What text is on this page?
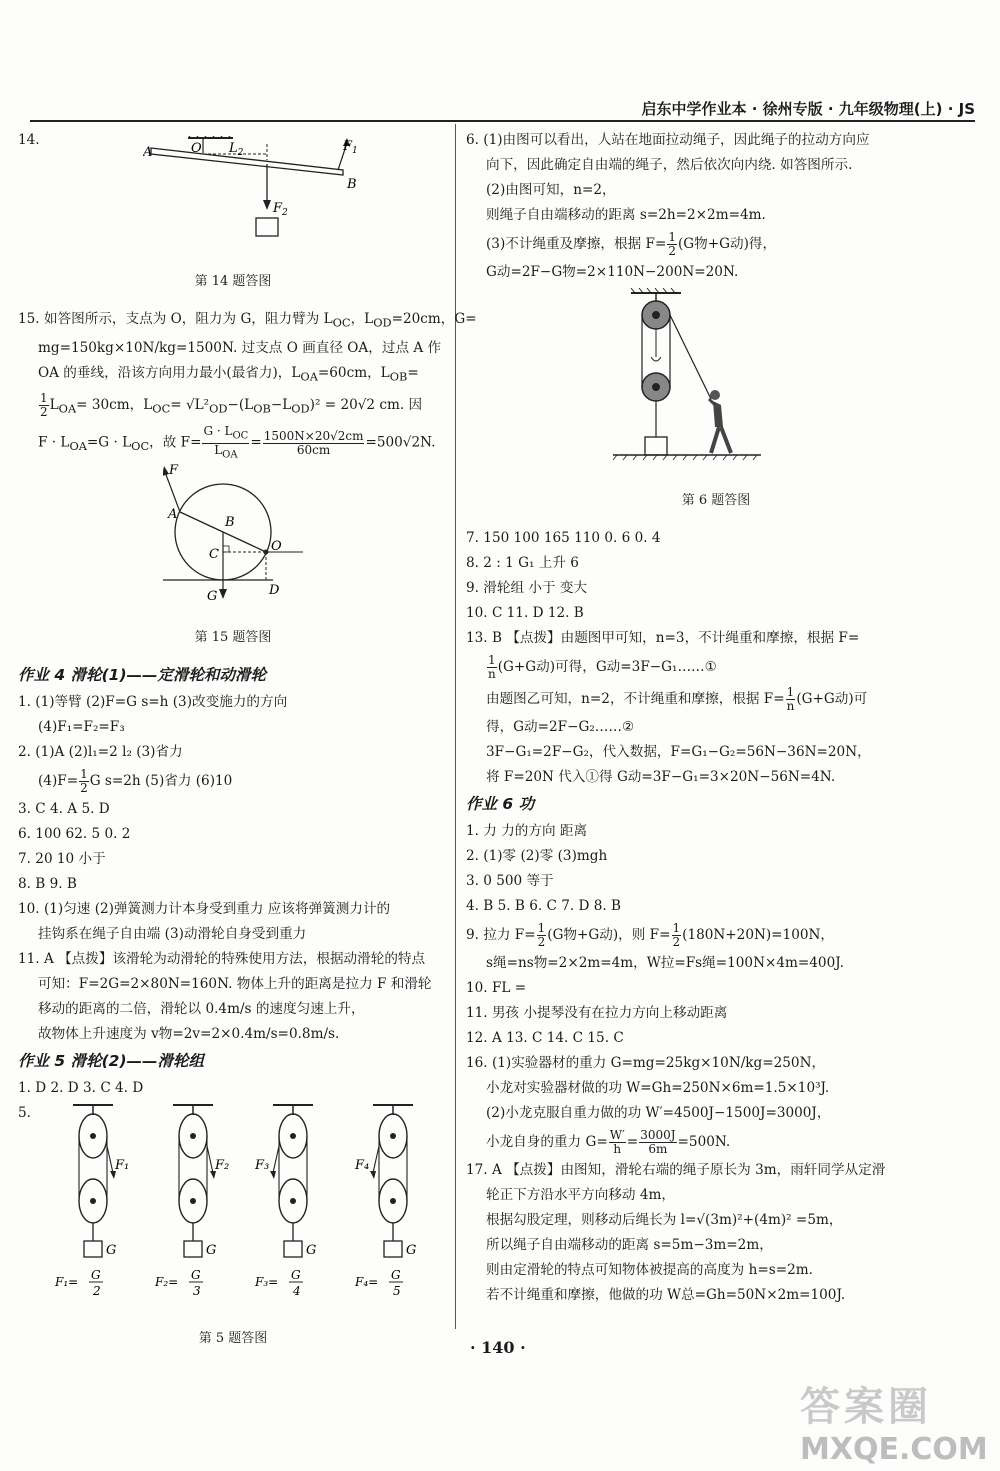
启东中学作业本 · 徐州专版 · 九年级物理(上) · JS
14.
A	O $L_2$	$F_1$
B
$F_2$

第 14 题答图

15. 如答图所示，支点为 O，阻力为 G，阻力臂为 $L_{OC}$，$L_{OD}=20cm$，G=

mg=150kg×10N/kg=1500N. 过支点 O 画直径 OA，过点 A 作

OA 的垂线，沿该方向用力最小(最省力)，$L_{OA}=60cm$，$L_{OB}=$

$\frac{1}{2} L_{OA}= 30cm$，$L_{OC}= √L^2_{OD}-(L_{OB}-L_{OD})^2 = 20√2$ cm. 因

$F \cdot L_{OA}=G \cdot L_{OC}$，故 $F= \frac{G \cdot L_{OC}}{L_{OA}} = \frac{1500N\times 20√2cm}{60cm} =500√2N$.

F
A
B
C
O
G	D

第 15 题答图

作业 4 滑轮(1)——定滑轮和动滑轮

1. (1)等臂 (2)F=G s=h (3)改变施力的方向

(4)F₁=F₂=F₃

2. (1)A (2)l₁=2 l₂ (3)省力

$(4)F= \frac{1}{2}$ G s=2h (5)省力 (6)10

3. C 4. A 5. D

6. 100 62. 5 0. 2

7. 20 10 小于

8. B 9. B

10. (1)匀速 (2)弹簧测力计本身受到重力 应该将弹簧测力计的

挂钩系在绳子自由端 (3)动滑轮自身受到重力

11. A 【点拨】该滑轮为动滑轮的特殊使用方法，根据动滑轮的特点

可知：F=2G=2×80N=160N. 物体上升的距离是拉力 F 和滑轮

移动的距离的二倍，滑轮以 0.4m/s 的速度匀速上升，

故物体上升速度为 v物=2v=2×0.4m/s=0.8m/s.

作业 5 滑轮(2)——滑轮组

1. D 2. D 3. C 4. D

5.
G
F₁
F₁= G
2
G
F₂
F₂= G
3
G
F₃
F₃= G
4
G
F₄
F₄= G
5

第 5 题答图

6. (1)由图可以看出，人站在地面拉动绳子，因此绳子的拉动方向应

向下，因此确定自由端的绳子，然后依次向内绕. 如答图所示.

(2)由图可知，n=2，

则绳子自由端移动的距离 s=2h=2×2m=4m.

(3)不计绳重及摩擦，根据 $F= \frac{1}{2} (G$物+G动)得，

G动=2F−G物=2×110N−200N=20N.

第 6 题答图

7. 150 100 165 110 0. 6 0. 4

8. 2 : 1 G₁ 上升 6

9. 滑轮组 小于 变大

10. C 11. D 12. B

13. B 【点拨】由题图甲可知，n=3，不计绳重和摩擦，根据 F=

$\frac{1}{n} (G+G$动)可得，G动=3F−G₁……①

由题图乙可知，n=2，不计绳重和摩擦，根据 $F= \frac{1}{n} (G+G$动)可

得，G动=2F−G₂……②

3F−G₁=2F−G₂，代入数据，F=G₁−G₂=56N−36N=20N，

将 F=20N 代入①得 G动=3F−G₁=3×20N−56N=4N.

作业 6 功

1. 力 力的方向 距离

2. (1)零 (2)零 (3)mgh

3. 0 500 等于

4. B 5. B 6. C 7. D 8. B

9. 拉力 $F= \frac{1}{2} (G$物+G动)，则 $F= \frac{1}{2} (180N+20N)=100N$，

s绳=ns物=2×2m=4m，W拉=Fs绳=100N×4m=400J.

10. FL =

11. 男孩 小提琴没有在拉力方向上移动距离

12. A 13. C 14. C 15. C

16. (1)实验器材的重力 G=mg=25kg×10N/kg=250N，

小龙对实验器材做的功 W=Gh=250N×6m=1.5×10³J.

(2)小龙克服自重力做的功 W′=4500J−1500J=3000J，

小龙自身的重力 $G= \frac{W'}{h} = \frac{3000J}{6m} =500N$.

17. A 【点拨】由图知，滑轮右端的绳子原长为 3m，雨轩同学从定滑

轮正下方沿水平方向移动 4m，

根据勾股定理，则移动后绳长为 l=√(3m)²+(4m)² =5m，

所以绳子自由端移动的距离 s=5m−3m=2m，

则由定滑轮的特点可知物体被提高的高度为 h=s=2m.

若不计绳重和摩擦，他做的功 W总=Gh=50N×2m=100J.

· 140 ·
答案圈
MXQE.COM
